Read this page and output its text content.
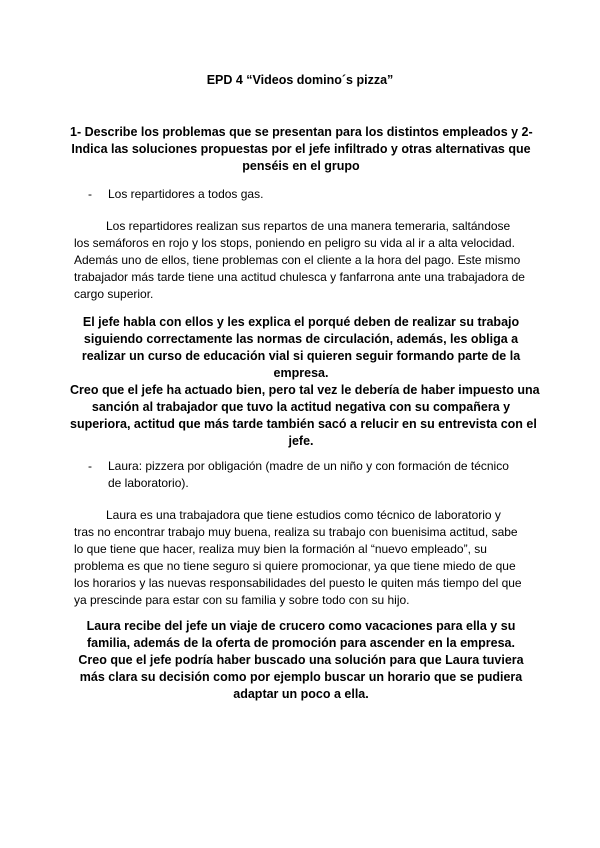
EPD 4 “Videos domino´s pizza”
1- Describe los problemas que se presentan para los distintos empleados y 2-
Indica las soluciones propuestas por el jefe infiltrado y otras alternativas que
penséis en el grupo
- Los repartidores a todos gas.
Los repartidores realizan sus repartos de una manera temeraria, saltándose
los semáforos en rojo y los stops, poniendo en peligro su vida al ir a alta velocidad.
Además uno de ellos, tiene problemas con el cliente a la hora del pago. Este mismo
trabajador más tarde tiene una actitud chulesca y fanfarrona ante una trabajadora de
cargo superior.
El jefe habla con ellos y les explica el porqué deben de realizar su trabajo
siguiendo correctamente las normas de circulación, además, les obliga a
realizar un curso de educación vial si quieren seguir formando parte de la
empresa.
Creo que el jefe ha actuado bien, pero tal vez le debería de haber impuesto una
sanción al trabajador que tuvo la actitud negativa con su compañera y
superiora, actitud que más tarde también sacó a relucir en su entrevista con el
jefe.
- Laura: pizzera por obligación (madre de un niño y con formación de técnico
de laboratorio).
Laura es una trabajadora que tiene estudios como técnico de laboratorio y
tras no encontrar trabajo muy buena, realiza su trabajo con buenisima actitud, sabe
lo que tiene que hacer, realiza muy bien la formación al “nuevo empleado”, su
problema es que no tiene seguro si quiere promocionar, ya que tiene miedo de que
los horarios y las nuevas responsabilidades del puesto le quiten más tiempo del que
ya prescinde para estar con su familia y sobre todo con su hijo.
Laura recibe del jefe un viaje de crucero como vacaciones para ella y su
familia, además de la oferta de promoción para ascender en la empresa.
Creo que el jefe podría haber buscado una solución para que Laura tuviera
más clara su decisión como por ejemplo buscar un horario que se pudiera
adaptar un poco a ella.
